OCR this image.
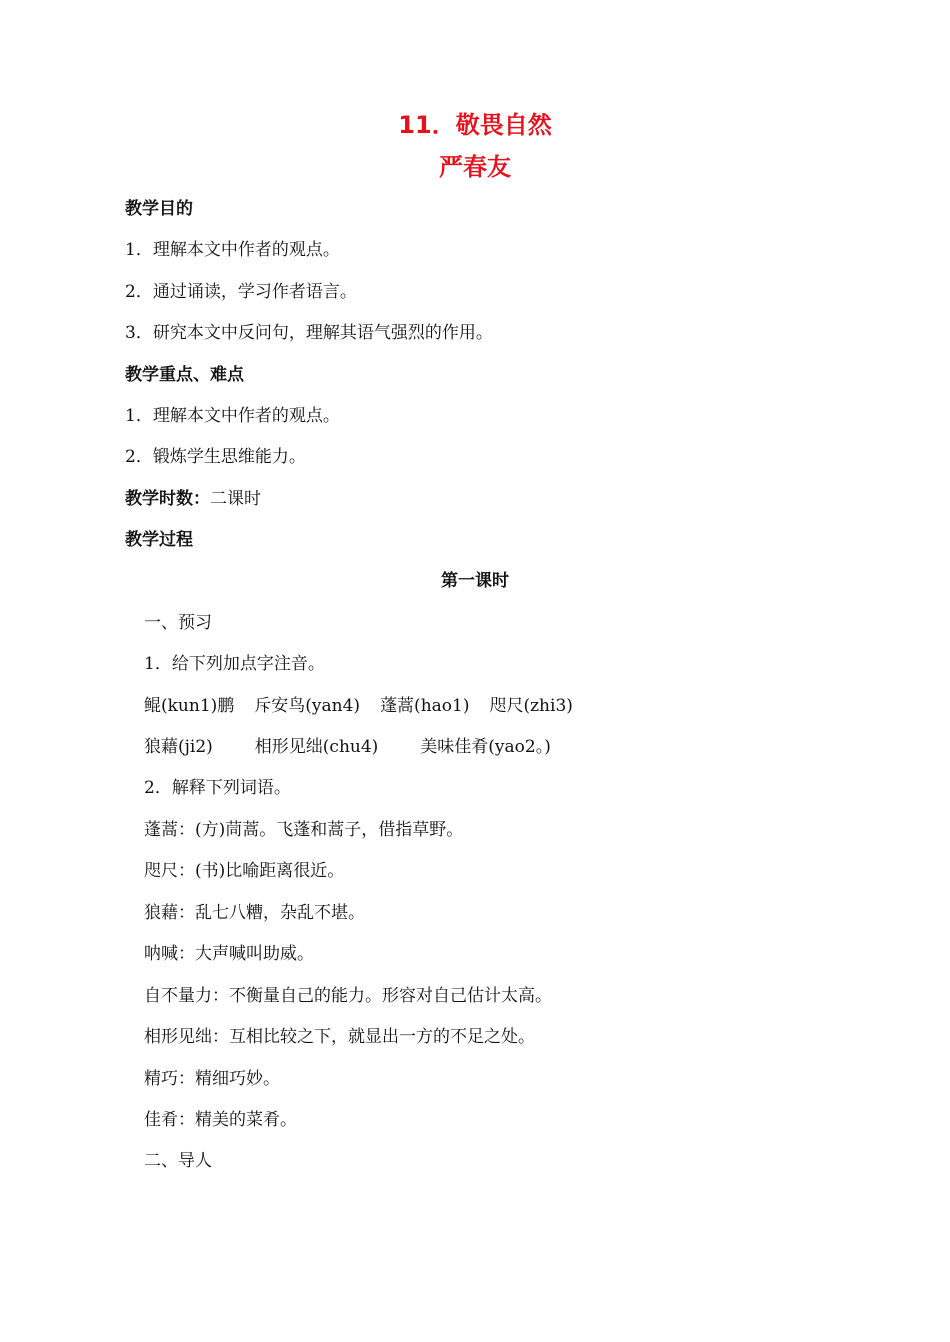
11．敬畏自然
严春友
教学目的
1．理解本文中作者的观点。
2．通过诵读，学习作者语言。
3．研究本文中反问句，理解其语气强烈的作用。
教学重点、难点
1．理解本文中作者的观点。
2．锻炼学生思维能力。
教学时数：二课时
教学过程
第一课时
一、预习
1．给下列加点字注音。
鲲(kun1)鹏 斥安鸟(yan4) 蓬蒿(hao1) 咫尺(zhi3)
狼藉(ji2) 相形见绌(chu4) 美味佳肴(yao2。)
2．解释下列词语。
蓬蒿：(方)茼蒿。飞蓬和蒿子，借指草野。
咫尺：(书)比喻距离很近。
狼藉：乱七八糟，杂乱不堪。
呐喊：大声喊叫助威。
自不量力：不衡量自己的能力。形容对自己估计太高。
相形见绌：互相比较之下，就显出一方的不足之处。
精巧：精细巧妙。
佳肴：精美的菜肴。
二、导人
